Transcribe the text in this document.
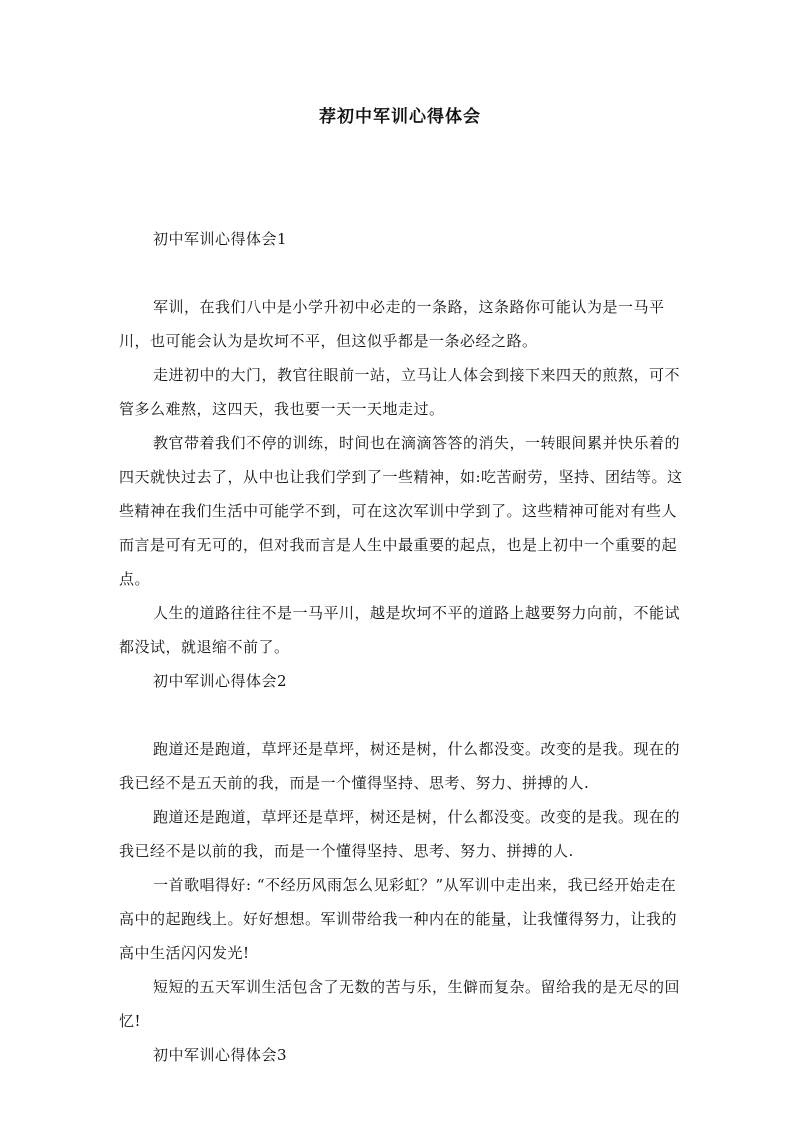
荐初中军训心得体会

初中军训心得体会1

军训，在我们八中是小学升初中必走的一条路，这条路你可能认为是一马平川，也可能会认为是坎坷不平，但这似乎都是一条必经之路。

走进初中的大门，教官往眼前一站，立马让人体会到接下来四天的煎熬，可不管多么难熬，这四天，我也要一天一天地走过。

教官带着我们不停的训练，时间也在滴滴答答的消失，一转眼间累并快乐着的四天就快过去了，从中也让我们学到了一些精神，如:吃苦耐劳，坚持、团结等。这些精神在我们生活中可能学不到，可在这次军训中学到了。这些精神可能对有些人而言是可有无可的，但对我而言是人生中最重要的起点，也是上初中一个重要的起点。

人生的道路往往不是一马平川，越是坎坷不平的道路上越要努力向前，不能试都没试，就退缩不前了。

初中军训心得体会2

跑道还是跑道，草坪还是草坪，树还是树，什么都没变。改变的是我。现在的我已经不是五天前的我，而是一个懂得坚持、思考、努力、拼搏的人.

跑道还是跑道，草坪还是草坪，树还是树，什么都没变。改变的是我。现在的我已经不是以前的我，而是一个懂得坚持、思考、努力、拼搏的人.

一首歌唱得好: “不经历风雨怎么见彩虹？”从军训中走出来，我已经开始走在高中的起跑线上。好好想想。军训带给我一种内在的能量，让我懂得努力，让我的高中生活闪闪发光!

短短的五天军训生活包含了无数的苦与乐，生僻而复杂。留给我的是无尽的回忆!

初中军训心得体会3
